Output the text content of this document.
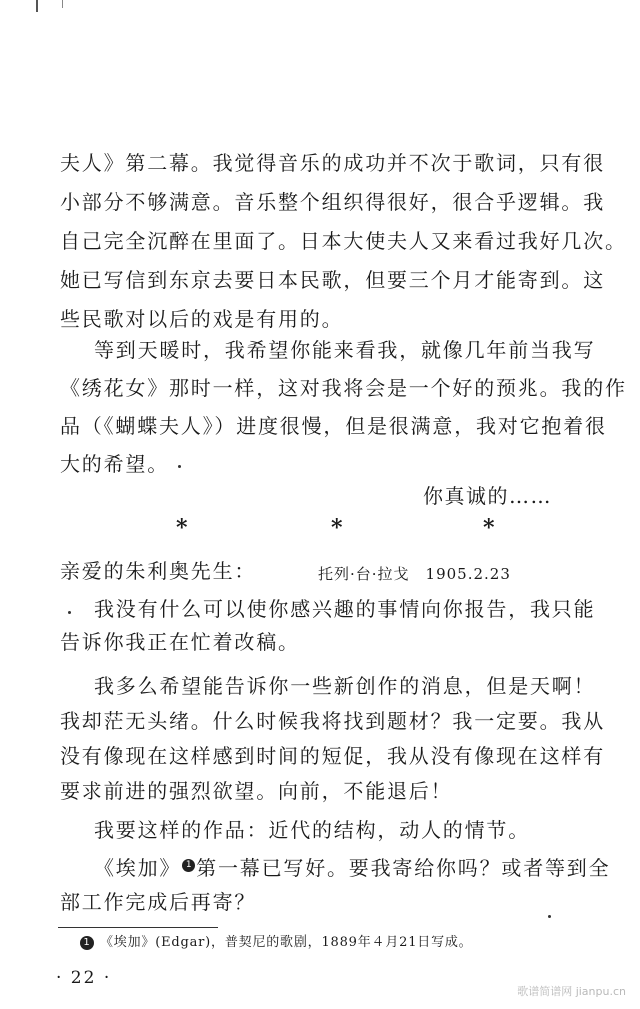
夫人》第二幕。我觉得音乐的成功并不次于歌词，只有很
小部分不够满意。音乐整个组织得很好，很合乎逻辑。我
自己完全沉醉在里面了。日本大使夫人又来看过我好几次。
她已写信到东京去要日本民歌，但要三个月才能寄到。这
些民歌对以后的戏是有用的。
等到天暖时，我希望你能来看我，就像几年前当我写
《绣花女》那时一样，这对我将会是一个好的预兆。我的作
品（《蝴蝶夫人》）进度很慢，但是很满意，我对它抱着很
大的希望。
你真诚的……
*	*	*
亲爱的朱利奥先生：	托列·台·拉戈　1905.2.23
我没有什么可以使你感兴趣的事情向你报告，我只能
告诉你我正在忙着改稿。
我多么希望能告诉你一些新创作的消息，但是天啊！
我却茫无头绪。什么时候我将找到题材？我一定要。我从
没有像现在这样感到时间的短促，我从没有像现在这样有
要求前进的强烈欲望。向前，不能退后！
我要这样的作品：近代的结构，动人的情节。
《埃加》 1 第一幕已写好。要我寄给你吗？或者等到全
部工作完成后再寄？
1 《埃加》(Edgar)，普契尼的歌剧，1889年４月21日写成。
· 22 ·
歌谱简谱网 jianpu.cn
